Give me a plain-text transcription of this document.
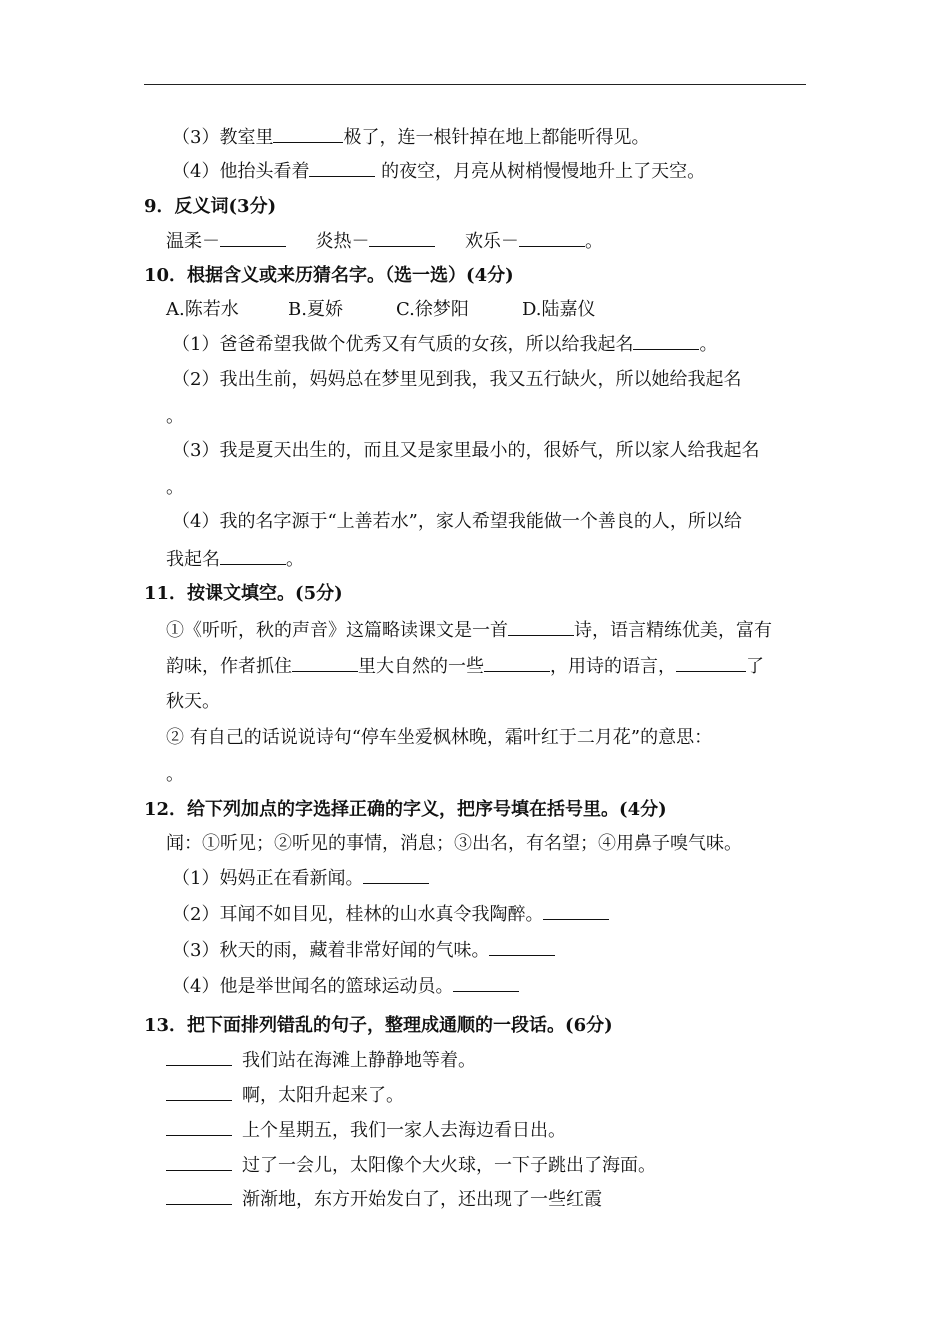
（3）教室里	极了，连一根针掉在地上都能听得见。
（4）他抬头看着	的夜空，月亮从树梢慢慢地升上了天空。
9．反义词(3分)
温柔－	炎热－	欢乐－	。
10．根据含义或来历猜名字。（选一选）(4分)
A.陈若水	B.夏娇	C.徐梦阳	D.陆嘉仪
（1）爸爸希望我做个优秀又有气质的女孩，所以给我起名	。
（2）我出生前，妈妈总在梦里见到我，我又五行缺火，所以她给我起名
。
（3）我是夏天出生的，而且又是家里最小的，很娇气，所以家人给我起名
。
（4）我的名字源于“上善若水”，家人希望我能做一个善良的人，所以给
我起名	。
11．按课文填空。(5分)
①《听听，秋的声音》这篇略读课文是一首	诗，语言精练优美，富有
韵味，作者抓住	里大自然的一些	，用诗的语言，	了
秋天。
② 有自己的话说说诗句“停车坐爱枫林晚，霜叶红于二月花”的意思：
。
12．给下列加点的字选择正确的字义，把序号填在括号里。(4分)
闻：①听见；②听见的事情，消息；③出名，有名望；④用鼻子嗅气味。
（1）妈妈正在看新闻。
（2）耳闻不如目见，桂林的山水真令我陶醉。
（3）秋天的雨，藏着非常好闻的气味。
（4）他是举世闻名的篮球运动员。
13．把下面排列错乱的句子，整理成通顺的一段话。(6分)
我们站在海滩上静静地等着。
啊，太阳升起来了。
上个星期五，我们一家人去海边看日出。
过了一会儿，太阳像个大火球，一下子跳出了海面。
渐渐地，东方开始发白了，还出现了一些红霞
